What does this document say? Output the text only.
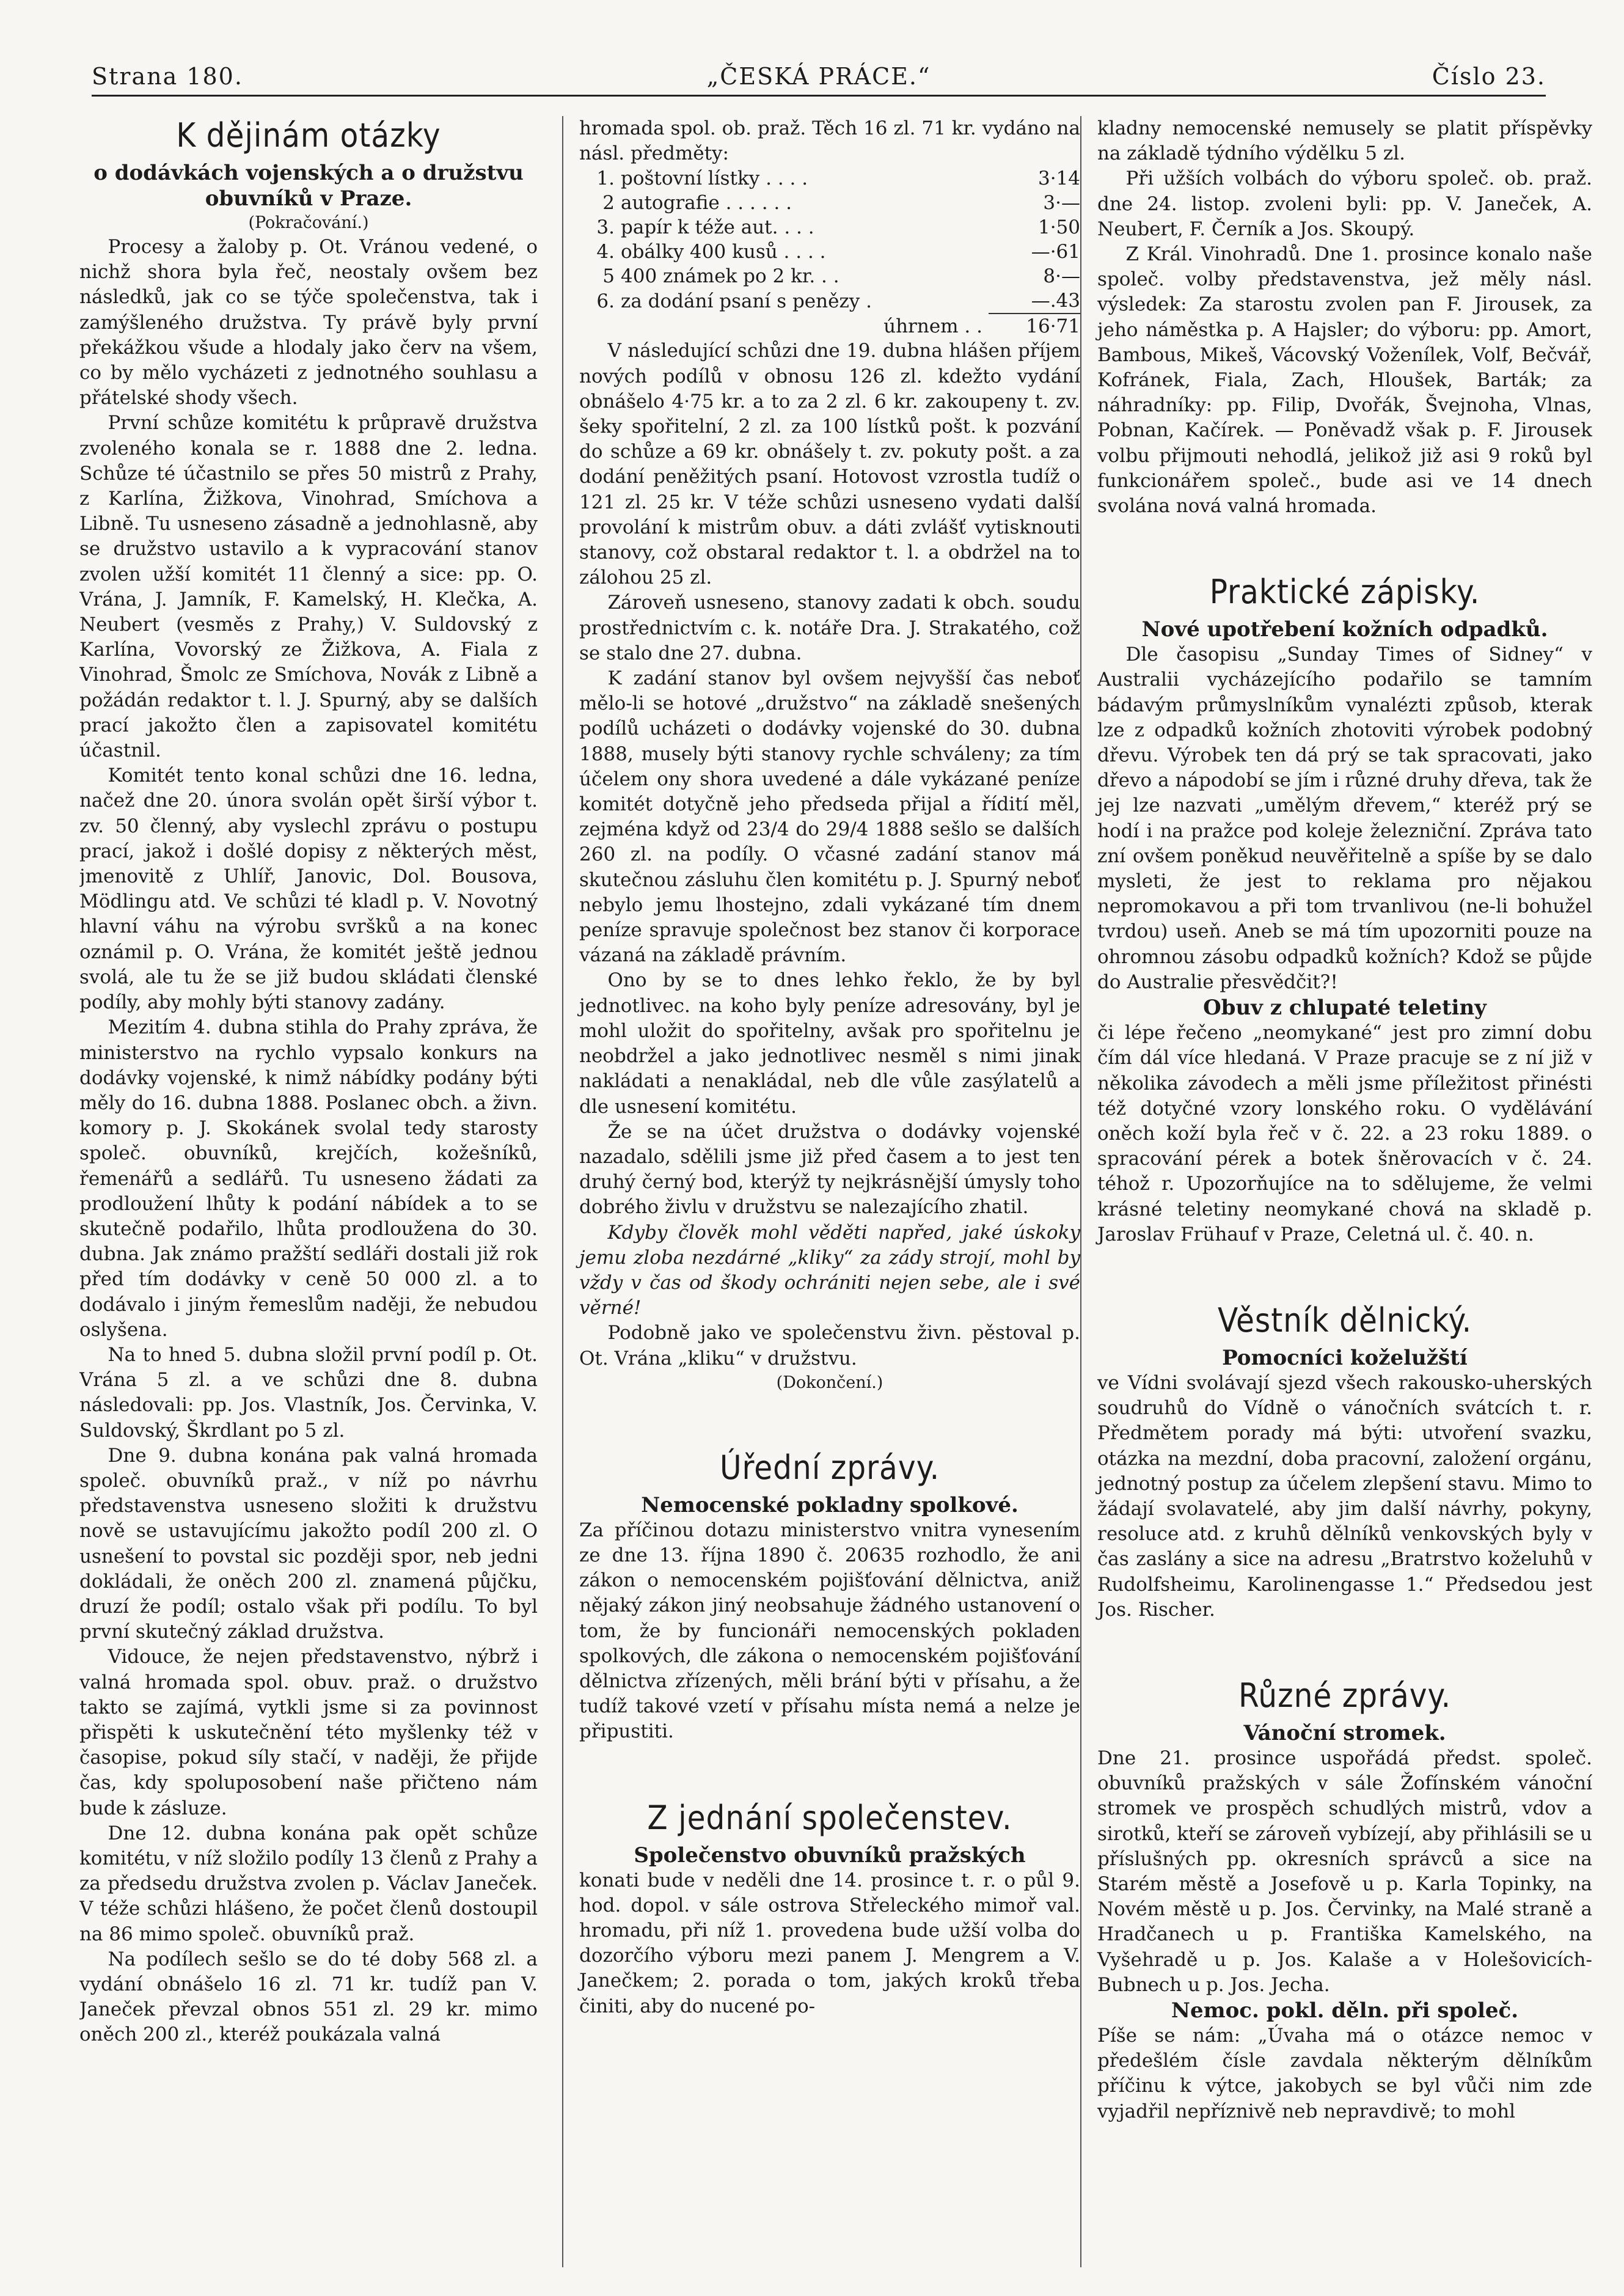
Strana 180.	„ČESKÁ PRÁCE.“	Číslo 23.
K dějinám otázky
o dodávkách vojenských a o družstvu obuvníků v Praze.
(Pokračování.)

Procesy a žaloby p. Ot. Vránou vedené, o nichž shora byla řeč, neostaly ovšem bez následků, jak co se týče společenstva, tak i zamýšleného družstva. Ty právě byly první překážkou všude a hlodaly jako červ na všem, co by mělo vycházeti z jednotného souhlasu a přátelské shody všech.

První schůze komitétu k průpravě družstva zvoleného konala se r. 1888 dne 2. ledna. Schůze té účastnilo se přes 50 mistrů z Prahy, z Karlína, Žižkova, Vinohrad, Smíchova a Libně. Tu usneseno zásadně a jednohlasně, aby se družstvo ustavilo a k vypracování stanov zvolen užší komitét 11 členný a sice: pp. O. Vrána, J. Jamník, F. Kamelský, H. Klečka, A. Neubert (vesměs z Prahy,) V. Suldovský z Karlína, Vovorský ze Žižkova, A. Fiala z Vinohrad, Šmolc ze Smíchova, Novák z Libně a požádán redaktor t. l. J. Spurný, aby se dalších prací jakožto člen a zapisovatel komitétu účastnil.

Komitét tento konal schůzi dne 16. ledna, načež dne 20. února svolán opět širší výbor t. zv. 50 členný, aby vyslechl zprávu o postupu prací, jakož i došlé dopisy z některých měst, jmenovitě z Uhlíř, Janovic, Dol. Bousova, Mödlingu atd. Ve schůzi té kladl p. V. Novotný hlavní váhu na výrobu svršků a na konec oznámil p. O. Vrána, že komitét ještě jednou svolá, ale tu že se již budou skládati členské podíly, aby mohly býti stanovy zadány.

Mezitím 4. dubna stihla do Prahy zpráva, že ministerstvo na rychlo vypsalo konkurs na dodávky vojenské, k nimž nábídky podány býti měly do 16. dubna 1888. Poslanec obch. a živn. komory p. J. Skokánek svolal tedy starosty společ. obuvníků, krejčích, kožešníků, řemenářů a sedlářů. Tu usneseno žádati za prodloužení lhůty k podání nábídek a to se skutečně podařilo, lhůta prodloužena do 30. dubna. Jak známo pražští sedláři dostali již rok před tím dodávky v ceně 50 000 zl. a to dodávalo i jiným řemeslům naději, že nebudou oslyšena.

Na to hned 5. dubna složil první podíl p. Ot. Vrána 5 zl. a ve schůzi dne 8. dubna následovali: pp. Jos. Vlastník, Jos. Červinka, V. Suldovský, Škrdlant po 5 zl.

Dne 9. dubna konána pak valná hromada společ. obuvníků praž., v níž po návrhu představenstva usneseno složiti k družstvu nově se ustavujícímu jakožto podíl 200 zl. O usnešení to povstal sic později spor, neb jedni dokládali, že oněch 200 zl. znamená půjčku, druzí že podíl; ostalo však při podílu. To byl první skutečný základ družstva.

Vidouce, že nejen představenstvo, nýbrž i valná hromada spol. obuv. praž. o družstvo takto se zajímá, vytkli jsme si za povinnost přispěti k uskutečnění této myšlenky též v časopise, pokud síly stačí, v naději, že přijde čas, kdy spoluposobení naše přičteno nám bude k zásluze.

Dne 12. dubna konána pak opět schůze komitétu, v níž složilo podíly 13 členů z Prahy a za předsedu družstva zvolen p. Václav Janeček. V téže schůzi hlášeno, že počet členů dostoupil na 86 mimo společ. obuvníků praž.

Na podílech sešlo se do té doby 568 zl. a vydání obnášelo 16 zl. 71 kr. tudíž pan V. Janeček převzal obnos 551 zl. 29 kr. mimo oněch 200 zl., kteréž poukázala valná

hromada spol. ob. praž. Těch 16 zl. 71 kr. vydáno na násl. předměty:

1.	poštovní lístky . . . .	3·14
2	autografie . . . . . .	3·—
3.	papír k téže aut. . . .	1·50
4.	obálky 400 kusů . . . .	—·61
5	400 známek po 2 kr. . .	8·—
6.	za dodání psaní s penězy .	—.43
	úhrnem . .	16·71

V následující schůzi dne 19. dubna hlášen příjem nových podílů v obnosu 126 zl. kdežto vydání obnášelo 4·75 kr. a to za 2 zl. 6 kr. zakoupeny t. zv. šeky spořitelní, 2 zl. za 100 lístků pošt. k pozvání do schůze a 69 kr. obnášely t. zv. pokuty pošt. a za dodání peněžitých psaní. Hotovost vzrostla tudíž o 121 zl. 25 kr. V téže schůzi usneseno vydati další provolání k mistrům obuv. a dáti zvlášť vytisknouti stanovy, což obstaral redaktor t. l. a obdržel na to zálohou 25 zl.

Zároveň usneseno, stanovy zadati k obch. soudu prostřednictvím c. k. notáře Dra. J. Strakatého, což se stalo dne 27. dubna.

K zadání stanov byl ovšem nejvyšší čas neboť mělo-li se hotové „družstvo“ na základě snešených podílů ucházeti o dodávky vojenské do 30. dubna 1888, musely býti stanovy rychle schváleny; za tím účelem ony shora uvedené a dále vykázané peníze komitét dotyčně jeho předseda přijal a řídití měl, zejména když od 23/4 do 29/4 1888 sešlo se dalších 260 zl. na podíly. O včasné zadání stanov má skutečnou zásluhu člen komitétu p. J. Spurný neboť nebylo jemu lhostejno, zdali vykázané tím dnem peníze spravuje společnost bez stanov či korporace vázaná na základě právním.

Ono by se to dnes lehko řeklo, že by byl jednotlivec. na koho byly peníze adresovány, byl je mohl uložit do spořitelny, avšak pro spořitelnu je neobdržel a jako jednotlivec nesměl s nimi jinak nakládati a nenakládal, neb dle vůle zasýlatelů a dle usnesení komitétu.

Že se na účet družstva o dodávky vojenské nazadalo, sdělili jsme již před časem a to jest ten druhý černý bod, kterýž ty nejkrásnější úmysly toho dobrého živlu v družstvu se nalezajícího zhatil.

Kdyby člověk mohl věděti napřed, jaké úskoky jemu zloba nezdárné „kliky“ za zády strojí, mohl by vždy v čas od škody ochrániti nejen sebe, ale i své věrné!

Podobně jako ve společenstvu živn. pěstoval p. Ot. Vrána „kliku“ v družstvu.

(Dokončení.)
Úřední zprávy.
Nemocenské pokladny spolkové.

Za příčinou dotazu ministerstvo vnitra vynesením ze dne 13. října 1890 č. 20635 rozhodlo, že ani zákon o nemocenském pojišťování dělnictva, aniž nějaký zákon jiný neobsahuje žádného ustanovení o tom, že by funcionáři nemocenských pokladen spolkových, dle zákona o nemocenském pojišťování dělnictva zřízených, měli brání býti v přísahu, a že tudíž takové vzetí v přísahu místa nemá a nelze je připustiti.

Z jednání společenstev.
Společenstvo obuvníků pražských

konati bude v neděli dne 14. prosince t. r. o půl 9. hod. dopol. v sále ostrova Střeleckého mimoř val. hromadu, při níž 1. provedena bude užší volba do dozorčího výboru mezi panem J. Mengrem a V. Janečkem; 2. porada o tom, jakých kroků třeba činiti, aby do nucené po-

kladny nemocenské nemusely se platit příspěvky na základě týdního výdělku 5 zl.

Při užších volbách do výboru společ. ob. praž. dne 24. listop. zvoleni byli: pp. V. Janeček, A. Neubert, F. Černík a Jos. Skoupý.

Z Král. Vinohradů. Dne 1. prosince konalo naše společ. volby představenstva, jež měly násl. výsledek: Za starostu zvolen pan F. Jirousek, za jeho náměstka p. A Hajsler; do výboru: pp. Amort, Bambous, Mikeš, Vácovský Voženílek, Volf, Bečvář, Kofránek, Fiala, Zach, Hloušek, Barták; za náhradníky: pp. Filip, Dvořák, Švejnoha, Vlnas, Pobnan, Kačírek. — Poněvadž však p. F. Jirousek volbu přijmouti nehodlá, jelikož již asi 9 roků byl funkcionářem společ., bude asi ve 14 dnech svolána nová valná hromada.

Praktické zápisky.
Nové upotřebení kožních odpadků.

Dle časopisu „Sunday Times of Sidney“ v Australii vycházejícího podařilo se tamním bádavým průmyslníkům vynalézti způsob, kterak lze z odpadků kožních zhotoviti výrobek podobný dřevu. Výrobek ten dá prý se tak spracovati, jako dřevo a nápodobí se jím i různé druhy dřeva, tak že jej lze nazvati „umělým dřevem,“ kteréž prý se hodí i na pražce pod koleje železniční. Zpráva tato zní ovšem poněkud neuvěřitelně a spíše by se dalo mysleti, že jest to reklama pro nějakou nepromokavou a při tom trvanlivou (ne-li bohužel tvrdou) useň. Aneb se má tím upozorniti pouze na ohromnou zásobu odpadků kožních? Kdož se půjde do Australie přesvědčit?!

Obuv z chlupaté teletiny

či lépe řečeno „neomykané“ jest pro zimní dobu čím dál více hledaná. V Praze pracuje se z ní již v několika závodech a měli jsme příležitost přinésti též dotyčné vzory lonského roku. O vydělávání oněch koží byla řeč v č. 22. a 23 roku 1889. o spracování pérek a botek šněrovacích v č. 24. téhož r. Upozorňujíce na to sdělujeme, že velmi krásné teletiny neomykané chová na skladě p. Jaroslav Frühauf v Praze, Celetná ul. č. 40. n.

Věstník dělnický.
Pomocníci koželužští

ve Vídni svolávají sjezd všech rakousko-uherských soudruhů do Vídně o vánočních svátcích t. r. Předmětem porady má býti: utvoření svazku, otázka na mezdní, doba pracovní, založení orgánu, jednotný postup za účelem zlepšení stavu. Mimo to žádají svolavatelé, aby jim další návrhy, pokyny, resoluce atd. z kruhů dělníků venkovských byly v čas zaslány a sice na adresu „Bratrstvo koželuhů v Rudolfsheimu, Karolinengasse 1.“ Předsedou jest Jos. Rischer.

Různé zprávy.
Vánoční stromek.

Dne 21. prosince uspořádá předst. společ. obuvníků pražských v sále Žofínském vánoční stromek ve prospěch schudlých mistrů, vdov a sirotků, kteří se zároveň vybízejí, aby přihlásili se u příslušných pp. okresních správců a sice na Starém městě a Josefově u p. Karla Topinky, na Novém městě u p. Jos. Červinky, na Malé straně a Hradčanech u p. Františka Kamelského, na Vyšehradě u p. Jos. Kalaše a v Holešovicích-Bubnech u p. Jos. Jecha.

Nemoc. pokl. děln. při společ.

Píše se nám: „Úvaha má o otázce nemoc v předešlém čísle zavdala některým dělníkům příčinu k výtce, jakobych se byl vůči nim zde vyjadřil nepříznivě neb nepravdivě; to mohl
